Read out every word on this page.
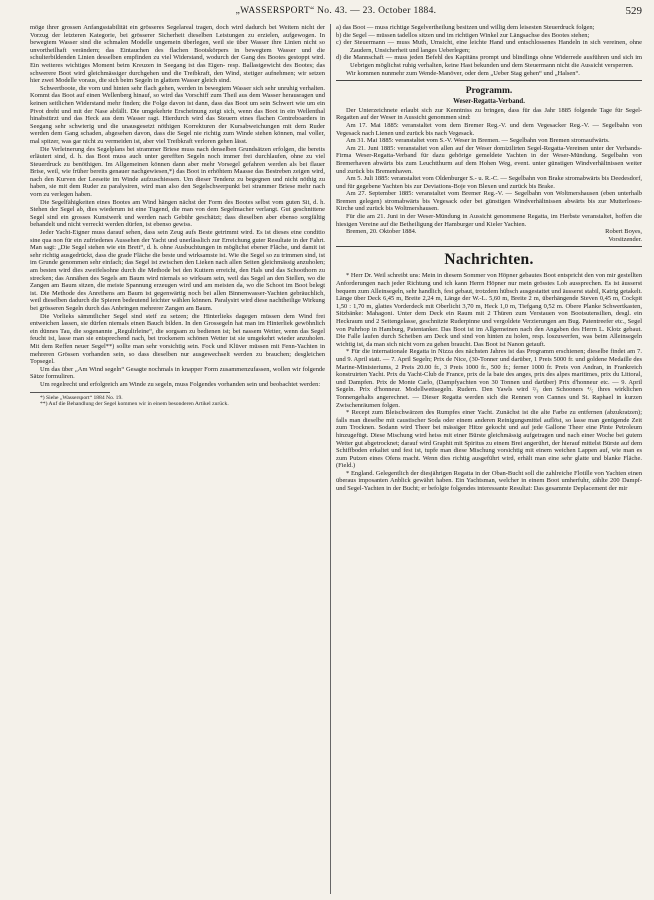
„WASSERSPORT“ No. 43. — 23. October 1884.	529

möge ihrer grossen Anfangsstabilität ein grösseres Segelareal tragen, doch wird dadurch bei Weitem nicht der Vorzug der letzteren Kategorie, bei grösserer Sicherheit dieselben Leistungen zu erzielen, aufgewogen. In bewegtem Wasser sind die schmalen Modelle ungemein überlegen, weil sie über Wasser ihre Linien nicht so unvortheilhaft verändern; das Eintauchen des flachen Bootskörpers in bewegtem Wasser und die schulterbildenden Linien desselben empfinden zu viel Widerstand, wodurch der Gang des Bootes gestoppt wird. Ein weiteres wichtiges Moment beim Kreuzen in Seegang ist das Eigen- resp. Ballastgewicht des Bootes; das schwerere Boot wird gleichmässiger durchgehen und die Treibkraft, den Wind, stetiger aufnehmen; wir setzen hier zwei Modelle voraus, die sich beim Segeln in glattem Wasser gleich sind.

Schwertboote, die vorn und hinten sehr flach gehen, werden in bewegtem Wasser sich sehr unruhig verhalten. Kommt das Boot auf einen Wellenberg hinauf, so wird das Vorschiff zum Theil aus dem Wasser herausragen und keinen seitlichen Widerstand mehr finden; die Folge davon ist dann, dass das Boot um sein Schwert wie um ein Pivot dreht und mit der Nase abfällt. Die umgekehrte Erscheinung zeigt sich, wenn das Boot in ein Wellenthal hinabstürzt und das Heck aus dem Wasser ragt. Hierdurch wird das Steuern eines flachen Centreboarders in Seegang sehr schwierig und die unausgesetzt nöthigen Korrekturen der Kursabweichungen mit dem Ruder werden dem Gang schaden, abgesehen davon, dass die Segel nie richtig zum Winde stehen können, mal voller, mal spitzer, was gar nicht zu vermeiden ist, aber viel Treibkraft verloren gehen lässt.

Die Verleinerung des Segelplans bei strammer Briese muss nach denselben Grundsätzen erfolgen, die bereits erläutert sind, d. h. das Boot muss auch unter gerefften Segeln noch immer frei durchlaufen, ohne zu viel Steuerdruck zu benöthigen. Im Allgemeinen können dann aber mehr Vorsegel gefahren werden als bei flauer Brise, weil, wie früher bereits genauer nachgewiesen,*) das Boot in erhöhtem Maasse das Bestreben zeigen wird, nach den Kurven der Leeseite im Winde aufzuschiessen. Um dieser Tendenz zu begegnen und nicht nöthig zu haben, sie mit dem Ruder zu paralysiren, wird man also den Segelschwerpunkt bei strammer Briese mehr nach vorn zu verlegen haben.

Die Segelfähigkeiten eines Bootes am Wind hängen nächst der Form des Bootes selbst vom guten Sit, d. h. Stehen der Segel ab, dies wiederum ist eine Tugend, die man von dem Segelmacher verlangt. Gut geschnittene Segel sind ein grosses Kunstwerk und werden nach Gebühr geschätzt; dass dieselben aber ebenso sorgfältig behandelt und nicht verreckt werden dürfen, ist ebenso gewiss.

Jeder Yacht-Eigner muss darauf sehen, dass sein Zeug aufs Beste getrimmt wird. Es ist dieses eine conditio sine qua non für ein zufriedenes Aussehen der Yacht und unerlässlich zur Erreichung guter Resultate in der Fahrt. Man sagt: „Die Segel stehen wie ein Brett“, d. h. ohne Ausbuchtungen in möglichst ebener Fläche, und damit ist sehr richtig ausgedrückt, dass die grade Fläche die beste und wirksamste ist. Wie die Segel so zu trimmen sind, ist im Grunde genommen sehr einfach; das Segel ist zwischen den Lieken nach allen Seiten gleichmässig anzuholen; am besten wird dies zweifelsohne durch die Methode bei den Kuttern erreicht, den Hals und das Schoothorn zu strecken; das Annähen des Segels am Baum wird niemals so wirksam sein, weil das Segel an den Stellen, wo die Zangen am Baum sitzen, die meiste Spannung erzeugen wird und am meisten da, wo die Schoot im Boot belegt ist. Die Methode des Anreihens am Baum ist gegenwärtig noch bei allen Binnenwasser-Yachten gebräuchlich, weil dieselben dadurch die Spieren bedeutend leichter wählen können. Paralysirt wird diese nachtheilige Wirkung bei grösseren Segeln durch das Anbringen mehrerer Zangen am Baum.

Die Vorlieks sämmtlicher Segel sind steif zu setzen; die Hinterlieks dagegen müssen dem Wind frei entweichen lassen, sie dürfen niemals einen Bauch bilden. In den Grossegeln hat man im Hinterliek gewöhnlich ein dünnes Tau, die sogenannte „Regulirleine“, die sorgsam zu bedienen ist; bei nassem Wetter, wenn das Segel feucht ist, lasse man sie entsprechend nach, bei trockenem schönen Wetter ist sie umgekehrt wieder anzuholen. Mit dem Reffen neuer Segel**) sollte man sehr vorsichtig sein. Fock und Klüver müssen mit Fenn-Yachten in mehreren Grössen vorhanden sein, so dass dieselben nur ausgewechselt werden zu brauchen; desgleichen Topsegel.

Um das über „Am Wind segeln“ Gesagte nochmals in knapper Form zusammenzufassen, wollen wir folgende Sätze formuliren.

Um regelrecht und erfolgreich am Winde zu segeln, muss Folgendes vorhanden sein und beobachtet werden:

*) Siehe „Wassersport“ 1884 No. 19.
**) Auf die Behandlung der Segel kommen wir in einem besonderen Artikel zurück.
a) das Boot — muss richtige Segelvertheilung besitzen und willig dem leisesten Steuerdruck folgen;
b) die Segel — müssen tadellos sitzen und im richtigen Winkel zur Längsachse des Bootes stehen;
c) der Steuermann — muss Muth, Umsicht, eine leichte Hand und entschlossenes Handeln in sich vereinen, ohne Zaudern, Unsicherheit und langes Ueberlegen;
d) die Mannschaft — muss jeden Befehl des Kapitäns prompt und blindlings ohne Widerrede ausführen und sich im Uebrigen möglichst ruhig verhalten, keine Hast bekunden und dem Steuermann nicht die Aussicht versperren.

Wir kommen nunmehr zum Wende-Manöver, oder dem „Ueber Stag gehen“ und „Halsen“.

Programm.
Weser-Regatta-Verband.

Der Unterzeichnete erlaubt sich zur Kenntniss zu bringen, dass für das Jahr 1885 folgende Tage für Segel-Regatten auf der Weser in Aussicht genommen sind:

Am 17. Mai 1885: veranstaltet vom dem Bremer Reg.-V. und dem Vegesacker Reg.-V. — Segelbahn von Vegesack nach Lienen und zurück bis nach Vegesack.

Am 31. Mai 1885: veranstaltet vom S.-V. Weser in Bremen. — Segelbahn von Bremen stromaufwärts.

Am 21. Juni 1885: veranstaltet von allen auf der Weser domizilirten Segel-Regatta-Vereinen unter der Verbands-Firma Weser-Regatta-Verband für dazu gehörige gemeldete Yachten in der Weser-Mündung. Segelbahn von Bremerhaven abwärts bis zum Leuchtthurm auf dem Hohen Weg, event. unter günstigen Windverhältnissen weiter und zurück bis Bremenhaven.

Am 5. Juli 1885: veranstaltet vom Oldenburger S.- u. R.-C. — Segelbahn von Brake stromabwärts bis Deedesdorf, und für gegebene Yachten bis zur Deviations-Boje von Blexen und zurück bis Brake.

Am 27. September 1885: veranstaltet vom Bremer Reg.-V. — Segelbahn von Woltmershausen (eben unterhalb Bremen gelegen) stromabwärts bis Vegesack oder bei günstigen Windverhältnissen abwärts bis zur Mutterloses-Kirche und zurück bis Woltmershausen.

Für die am 21. Juni in der Weser-Mündung in Aussicht genommene Regatta, im Herbste veranstaltet, hoffen die hiesigen Vereine auf die Betheiligung der Hamburger und Kieler Yachten.

Bremen, 20. Oktober 1884.	Robert Boyes,
Vorsitzender.
Nachrichten.

* Herr Dr. Weil schreibt uns: Mein in diesem Sommer von Höpner gebautes Boot entspricht den von mir gestellten Anforderungen nach jeder Richtung und ich kann Herrn Höpner nur mein grösstes Lob aussprechen. Es ist äusserst bequem zum Alleinsegeln, sehr handlich, fest gebaut, trotzdem hübsch ausgestattet und äusserst stabil, Katrig getakelt. Länge über Deck 6,45 m, Breite 2,24 m, Länge der W.-L. 5,60 m, Breite 2 m, überhängende Steven 0,45 m, Cockpit 1,50 : 1,70 m, glattes Vorderdeck mit Oberlicht 3,70 m, Heck 1,0 m, Tiefgang 0,52 m. Obere Planke Schwertkasten, Sitzbänke: Mahagoni. Unter dem Deck ein Raum mit 2 Thüren zum Verstauen von Bootsutensilien, desgl. ein Heckraum und 2 Seitengelasse, geschnitzte Ruderpinne und vergoldete Verzierungen am Bug. Patentreefer etc., Segel von Puhrhop in Hamburg, Patentanker. Das Boot ist im Allgemeinen nach den Angaben des Herrn L. Klotz gebaut. Die Falle laufen durch Scheiben am Deck und sind von hinten zu holen, resp. loszuwerfen, was beim Alleinsegeln wichtig ist, da man sich nicht vorn zu gehen braucht. Das Boot ist Nanon getauft.

* Für die internationale Regatta in Nizza des nächsten Jahres ist das Programm erschienen; dieselbe findet am 7. und 9. April statt. — 7. April Segeln; Prix de Nice, (30-Tonner und darüber, 1 Preis 5000 fr. und goldene Medaille des Marine-Ministeriums, 2 Preis 20.00 fr., 3 Preis 1000 fr., 500 fr.; ferner 1000 fr. Preis von Andran, in Frankreich konstruirten Yacht. Prix du Yacht-Club de France, prix de la baie des anges, prix des alpes maritimes, prix du Littoral, und Dampfen. Prix de Monte Carlo, (Dampfyachten von 30 Tonnen und darüber) Prix d'honneur etc. — 9. April Segeln. Prix d'honneur. Modellwettsegeln. Rudern. Den Yawls wird ²/₃ den Schooners ⁴/₅ ihres wirklichen Tonnengehalts angerechnet. — Dieser Regatta werden sich die Rennen von Cannes und St. Raphael in kurzen Zwischenräumen folgen.

* Recept zum Bleischwärzen des Rumpfes einer Yacht. Zunächst ist die alte Farbe zu entfernen (abzukratzen); falls man dieselbe mit caustischer Soda oder einem anderen Reinigungsmittel auflöst, so lasse man genügende Zeit zum Trocknen. Sodann wird Theer bei mässiger Hitze gekocht und auf jede Gallone Theer eine Pinte Petroleum hinzugefügt. Diese Mischung wird heiss mit einer Bürste gleichmässig aufgetragen und nach einer Woche bei gutem Wetter gut abgetrocknet; darauf wird Graphit mit Spiritus zu einem Brei angerührt, der hierauf mittelst Bürste auf dem Schiffboden erkaltet und fest ist, tupfe man diese Mischung vorsichtig mit einem weichen Lappen auf, wie man es zum Putzen eines Ofens macht. Wenn dies richtig ausgeführt wird, erhält man eine sehr glatte und blanke Fläche. (Field.)

* England. Gelegentlich der diesjährigen Regatta in der Oban-Bucht soll die zahlreiche Flotille von Yachten einen überaus imposanten Anblick gewährt haben. Ein Yachtsman, welcher in einem Boot umherfuhr, zählte 200 Dampf- und Segel-Yachten in der Bucht; er befolgte folgendes interessante Resultat: Das gesammte Deplacement der mir
